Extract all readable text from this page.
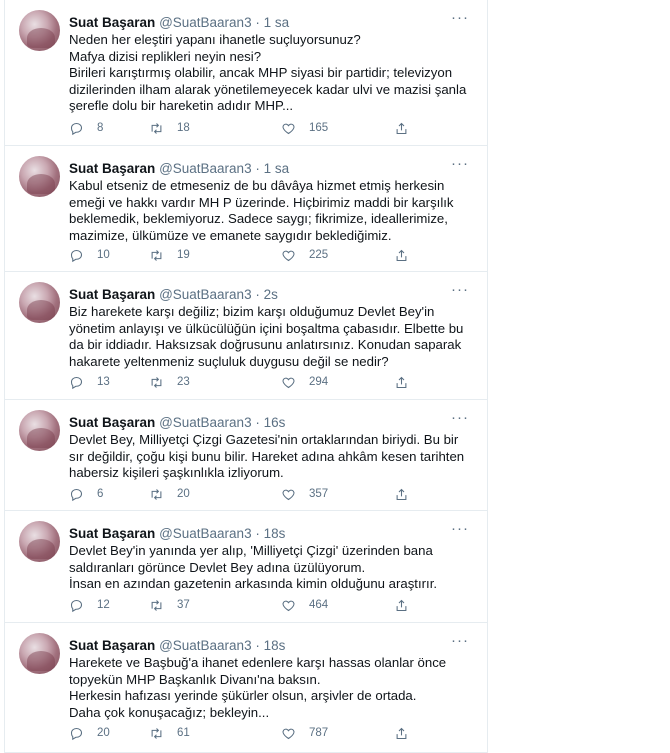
Suat Başaran @SuatBaaran3 · 1 sa	···
Neden her eleştiri yapanı ihanetle suçluyorsunuz?
Mafya dizisi replikleri neyin nesi?
Birileri karıştırmış olabilir, ancak MHP siyasi bir partidir; televizyon dizilerinden ilham alarak yönetilemeyecek kadar ulvi ve mazisi şanla şerefle dolu bir hareketin adıdır MHP...
8	18	165
Suat Başaran @SuatBaaran3 · 1 sa	···
Kabul etseniz de etmeseniz de bu dâvâya hizmet etmiş herkesin emeği ve hakkı vardır MH P üzerinde. Hiçbirimiz maddi bir karşılık beklemedik, beklemiyoruz. Sadece saygı; fikrimize, ideallerimize, mazimize, ülkümüze ve emanete saygıdır beklediğimiz.
10	19	225
Suat Başaran @SuatBaaran3 · 2s	···
Biz harekete karşı değiliz; bizim karşı olduğumuz Devlet Bey'in yönetim anlayışı ve ülkücülüğün içini boşaltma çabasıdır. Elbette bu da bir iddiadır. Haksızsak doğrusunu anlatırsınız. Konudan saparak hakarete yeltenmeniz suçluluk duygusu değil se nedir?
13	23	294
Suat Başaran @SuatBaaran3 · 16s	···
Devlet Bey, Milliyetçi Çizgi Gazetesi'nin ortaklarından biriydi. Bu bir sır değildir, çoğu kişi bunu bilir. Hareket adına ahkâm kesen tarihten habersiz kişileri şaşkınlıkla izliyorum.
6	20	357
Suat Başaran @SuatBaaran3 · 18s	···
Devlet Bey'in yanında yer alıp, 'Milliyetçi Çizgi' üzerinden bana saldıranları görünce Devlet Bey adına üzülüyorum.
İnsan en azından gazetenin arkasında kimin olduğunu araştırır.
12	37	464
Suat Başaran @SuatBaaran3 · 18s	···
Harekete ve Başbuğ'a ihanet edenlere karşı hassas olanlar önce topyekün MHP Başkanlık Divanı'na baksın.
Herkesin hafızası yerinde şükürler olsun, arşivler de ortada.
Daha çok konuşacağız; bekleyin...
20	61	787
